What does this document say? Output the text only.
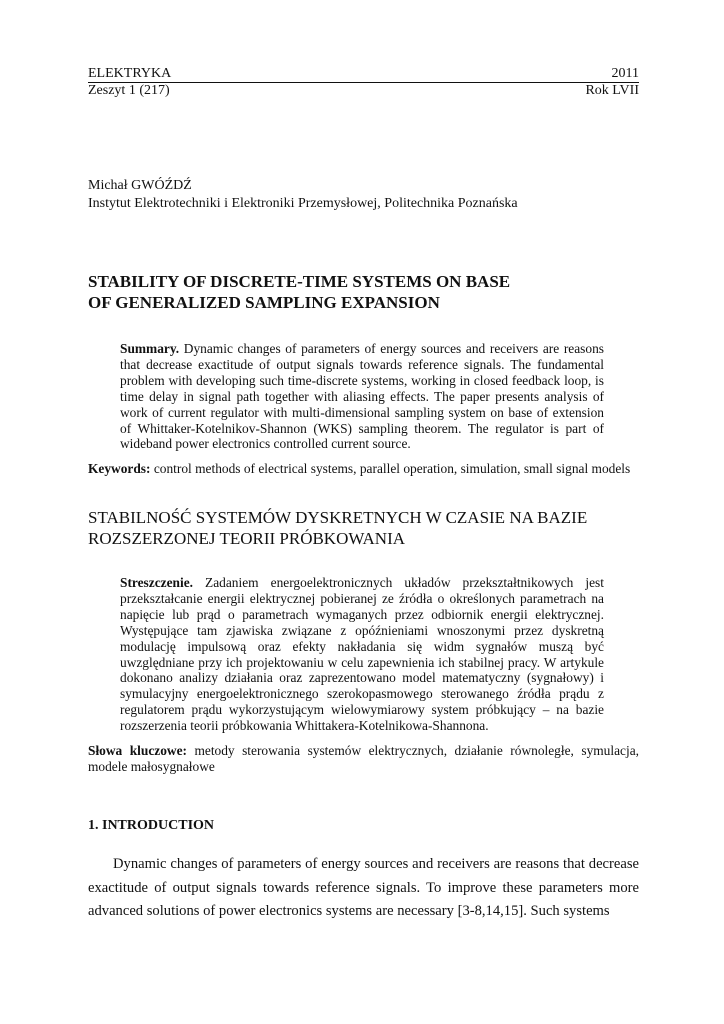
ELEKTRYKA	2011
Zeszyt 1 (217)	Rok LVII
Michał GWÓŹDŹ
Instytut Elektrotechniki i Elektroniki Przemysłowej, Politechnika Poznańska
STABILITY OF DISCRETE-TIME SYSTEMS ON BASE
OF GENERALIZED SAMPLING EXPANSION

Summary. Dynamic changes of parameters of energy sources and receivers are reasons that decrease exactitude of output signals towards reference signals. The fundamental problem with developing such time-discrete systems, working in closed feedback loop, is time delay in signal path together with aliasing effects. The paper presents analysis of work of current regulator with multi-dimensional sampling system on base of extension of Whittaker-Kotelnikov-Shannon (WKS) sampling theorem. The regulator is part of wideband power electronics controlled current source.

Keywords: control methods of electrical systems, parallel operation, simulation, small signal models

STABILNOŚĆ SYSTEMÓW DYSKRETNYCH W CZASIE NA BAZIE
ROZSZERZONEJ TEORII PRÓBKOWANIA

Streszczenie. Zadaniem energoelektronicznych układów przekształtnikowych jest przekształcanie energii elektrycznej pobieranej ze źródła o określonych parametrach na napięcie lub prąd o parametrach wymaganych przez odbiornik energii elektrycznej. Występujące tam zjawiska związane z opóźnieniami wnoszonymi przez dyskretną modulację impulsową oraz efekty nakładania się widm sygnałów muszą być uwzględniane przy ich projektowaniu w celu zapewnienia ich stabilnej pracy. W artykule dokonano analizy działania oraz zaprezentowano model matematyczny (sygnałowy) i symulacyjny energoelektronicznego szerokopasmowego sterowanego źródła prądu z regulatorem prądu wykorzystującym wielowymiarowy system próbkujący – na bazie rozszerzenia teorii próbkowania Whittakera-Kotelnikowa-Shannona.

Słowa kluczowe: metody sterowania systemów elektrycznych, działanie równoległe, symulacja, modele małosygnałowe

1. INTRODUCTION

Dynamic changes of parameters of energy sources and receivers are reasons that decrease exactitude of output signals towards reference signals. To improve these parameters more advanced solutions of power electronics systems are necessary [3-8,14,15]. Such systems
